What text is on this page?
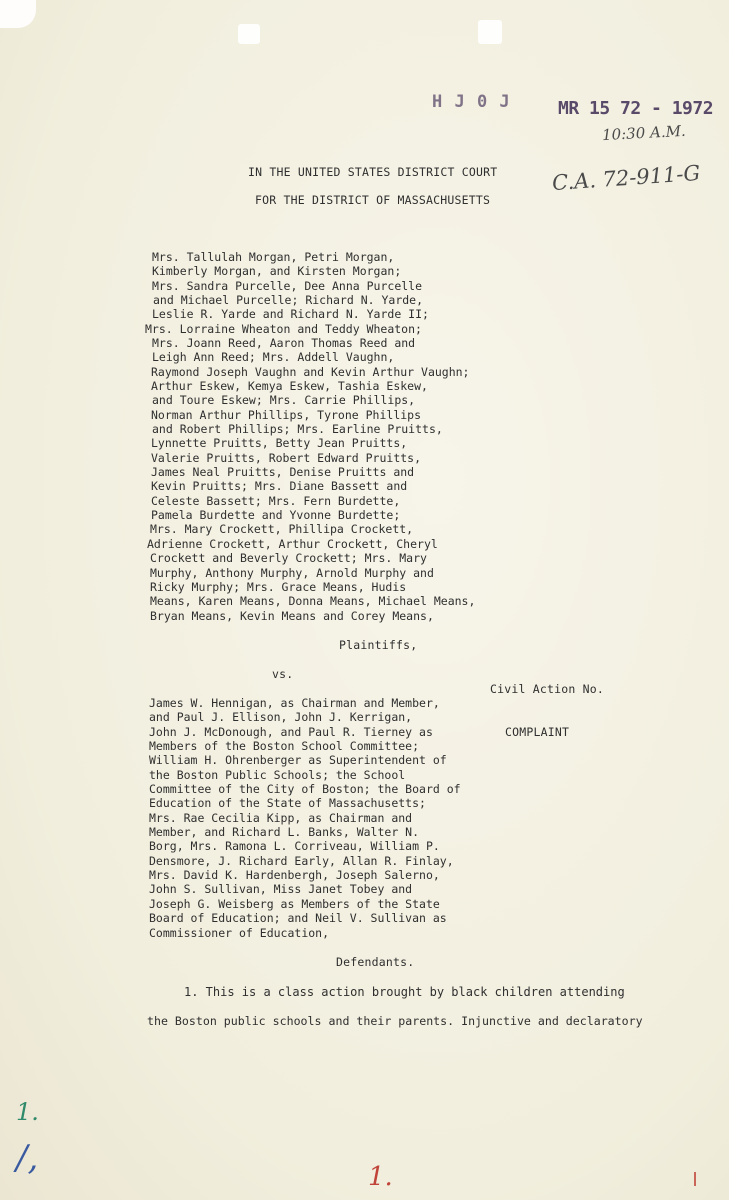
H J 0 J	MR 15 72 - 1972
10:30 A.M.
C.A. 72-911-G
IN THE UNITED STATES DISTRICT COURT
FOR THE DISTRICT OF MASSACHUSETTS
Mrs. Tallulah Morgan, Petri Morgan,
Kimberly Morgan, and Kirsten Morgan;
Mrs. Sandra Purcelle, Dee Anna Purcelle
and Michael Purcelle; Richard N. Yarde,
Leslie R. Yarde and Richard N. Yarde II;
Mrs. Lorraine Wheaton and Teddy Wheaton;
Mrs. Joann Reed, Aaron Thomas Reed and
Leigh Ann Reed; Mrs. Addell Vaughn,
Raymond Joseph Vaughn and Kevin Arthur Vaughn;
Arthur Eskew, Kemya Eskew, Tashia Eskew,
and Toure Eskew; Mrs. Carrie Phillips,
Norman Arthur Phillips, Tyrone Phillips
and Robert Phillips; Mrs. Earline Pruitts,
Lynnette Pruitts, Betty Jean Pruitts,
Valerie Pruitts, Robert Edward Pruitts,
James Neal Pruitts, Denise Pruitts and
Kevin Pruitts; Mrs. Diane Bassett and
Celeste Bassett; Mrs. Fern Burdette,
Pamela Burdette and Yvonne Burdette;
Mrs. Mary Crockett, Phillipa Crockett,
Adrienne Crockett, Arthur Crockett, Cheryl
Crockett and Beverly Crockett; Mrs. Mary
Murphy, Anthony Murphy, Arnold Murphy and
Ricky Murphy; Mrs. Grace Means, Hudis
Means, Karen Means, Donna Means, Michael Means,
Bryan Means, Kevin Means and Corey Means,
Plaintiffs,
vs.
Civil Action No.
COMPLAINT
James W. Hennigan, as Chairman and Member,
and Paul J. Ellison, John J. Kerrigan,
John J. McDonough, and Paul R. Tierney as
Members of the Boston School Committee;
William H. Ohrenberger as Superintendent of
the Boston Public Schools; the School
Committee of the City of Boston; the Board of
Education of the State of Massachusetts;
Mrs. Rae Cecilia Kipp, as Chairman and
Member, and Richard L. Banks, Walter N.
Borg, Mrs. Ramona L. Corriveau, William P.
Densmore, J. Richard Early, Allan R. Finlay,
Mrs. David K. Hardenbergh, Joseph Salerno,
John S. Sullivan, Miss Janet Tobey and
Joseph G. Weisberg as Members of the State
Board of Education; and Neil V. Sullivan as
Commissioner of Education,
Defendants.
1. This is a class action brought by black children attending
the Boston public schools and their parents. Injunctive and declaratory
1.
/,	1.
